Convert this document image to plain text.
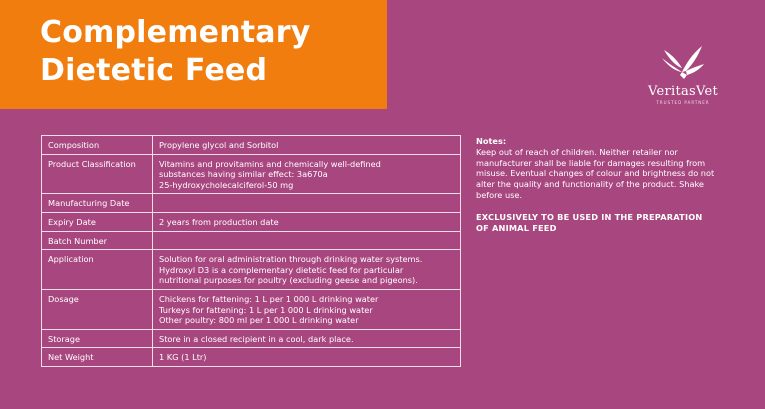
Complementary
Dietetic Feed
VeritasVet
TRUSTED PARTNER
Composition	Propylene glycol and Sorbitol

Product Classification	Vitamins and provitamins and chemically well-defined
substances having similar effect: 3a670a
25-hydroxycholecalciferol-50 mg

Manufacturing Date	

Expiry Date	2 years from production date

Batch Number	

Application	Solution for oral administration through drinking water systems.
Hydroxyl D3 is a complementary dietetic feed for particular
nutritional purposes for poultry (excluding geese and pigeons).

Dosage	Chickens for fattening: 1 L per 1 000 L drinking water
Turkeys for fattening: 1 L per 1 000 L drinking water
Other poultry: 800 ml per 1 000 L drinking water

Storage	Store in a closed recipient in a cool, dark place.

Net Weight	1 KG (1 Ltr)
Notes:
Keep out of reach of children. Neither retailer nor
manufacturer shall be liable for damages resulting from
misuse. Eventual changes of colour and brightness do not
alter the quality and functionality of the product. Shake
before use.
EXCLUSIVELY TO BE USED IN THE PREPARATION
OF ANIMAL FEED
